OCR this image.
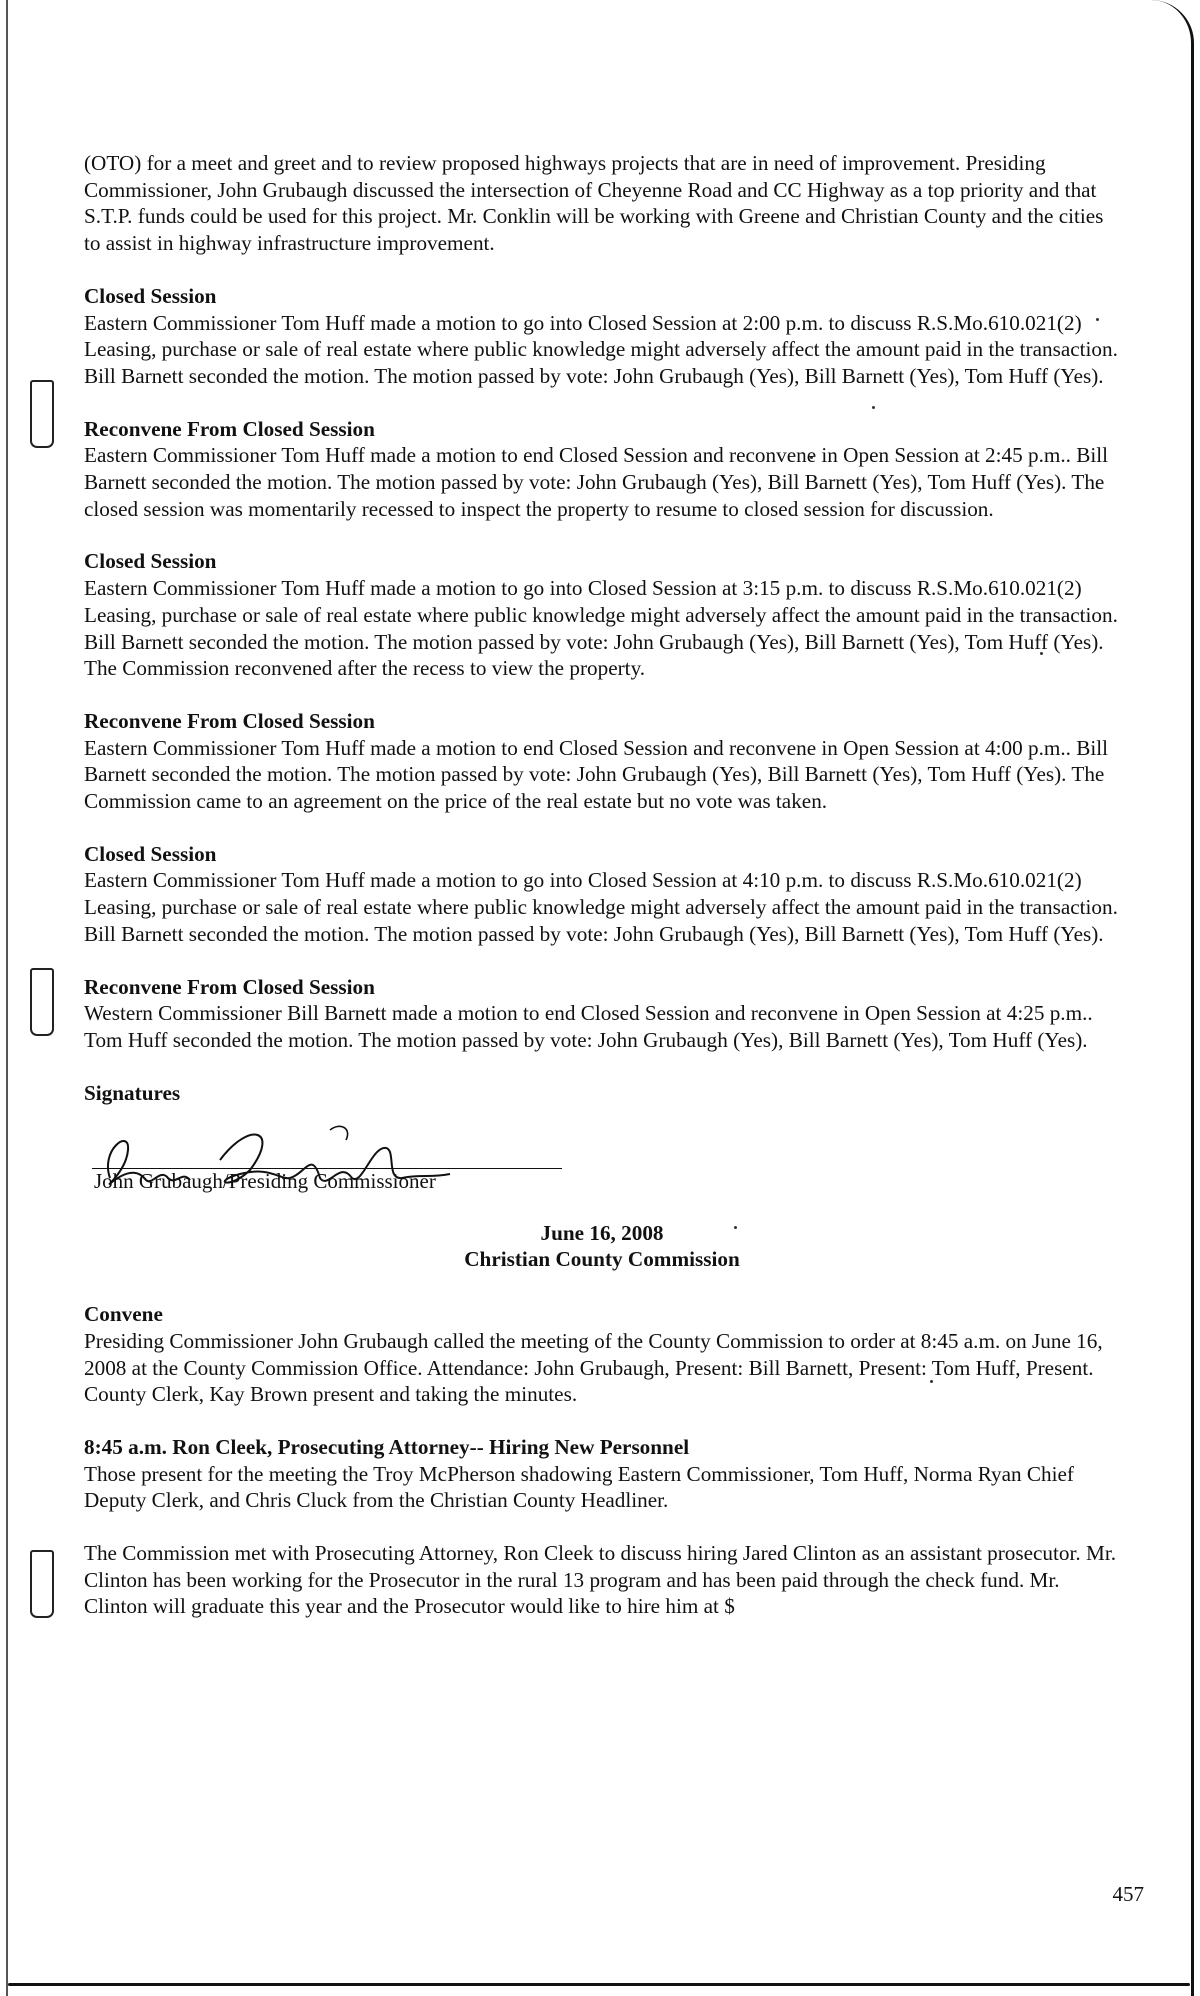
(OTO) for a meet and greet and to review proposed highways projects that are in need of improvement. Presiding Commissioner, John Grubaugh discussed the intersection of Cheyenne Road and CC Highway as a top priority and that S.T.P. funds could be used for this project. Mr. Conklin will be working with Greene and Christian County and the cities to assist in highway infrastructure improvement.
Closed Session
Eastern Commissioner Tom Huff made a motion to go into Closed Session at 2:00 p.m. to discuss R.S.Mo.610.021(2) Leasing, purchase or sale of real estate where public knowledge might adversely affect the amount paid in the transaction. Bill Barnett seconded the motion. The motion passed by vote: John Grubaugh (Yes), Bill Barnett (Yes), Tom Huff (Yes).
Reconvene From Closed Session
Eastern Commissioner Tom Huff made a motion to end Closed Session and reconvene in Open Session at 2:45 p.m.. Bill Barnett seconded the motion. The motion passed by vote: John Grubaugh (Yes), Bill Barnett (Yes), Tom Huff (Yes). The closed session was momentarily recessed to inspect the property to resume to closed session for discussion.
Closed Session
Eastern Commissioner Tom Huff made a motion to go into Closed Session at 3:15 p.m. to discuss R.S.Mo.610.021(2) Leasing, purchase or sale of real estate where public knowledge might adversely affect the amount paid in the transaction. Bill Barnett seconded the motion. The motion passed by vote: John Grubaugh (Yes), Bill Barnett (Yes), Tom Huff (Yes). The Commission reconvened after the recess to view the property.
Reconvene From Closed Session
Eastern Commissioner Tom Huff made a motion to end Closed Session and reconvene in Open Session at 4:00 p.m.. Bill Barnett seconded the motion. The motion passed by vote: John Grubaugh (Yes), Bill Barnett (Yes), Tom Huff (Yes). The Commission came to an agreement on the price of the real estate but no vote was taken.
Closed Session
Eastern Commissioner Tom Huff made a motion to go into Closed Session at 4:10 p.m. to discuss R.S.Mo.610.021(2) Leasing, purchase or sale of real estate where public knowledge might adversely affect the amount paid in the transaction. Bill Barnett seconded the motion. The motion passed by vote: John Grubaugh (Yes), Bill Barnett (Yes), Tom Huff (Yes).
Reconvene From Closed Session
Western Commissioner Bill Barnett made a motion to end Closed Session and reconvene in Open Session at 4:25 p.m.. Tom Huff seconded the motion. The motion passed by vote: John Grubaugh (Yes), Bill Barnett (Yes), Tom Huff (Yes).
Signatures
John Grubaugh/Presiding Commissioner
June 16, 2008
Christian County Commission
Convene
Presiding Commissioner John Grubaugh called the meeting of the County Commission to order at 8:45 a.m. on June 16, 2008 at the County Commission Office. Attendance: John Grubaugh, Present: Bill Barnett, Present: Tom Huff, Present. County Clerk, Kay Brown present and taking the minutes.
8:45 a.m. Ron Cleek, Prosecuting Attorney-- Hiring New Personnel
Those present for the meeting the Troy McPherson shadowing Eastern Commissioner, Tom Huff, Norma Ryan Chief Deputy Clerk, and Chris Cluck from the Christian County Headliner.
The Commission met with Prosecuting Attorney, Ron Cleek to discuss hiring Jared Clinton as an assistant prosecutor. Mr. Clinton has been working for the Prosecutor in the rural 13 program and has been paid through the check fund. Mr. Clinton will graduate this year and the Prosecutor would like to hire him at $
457
